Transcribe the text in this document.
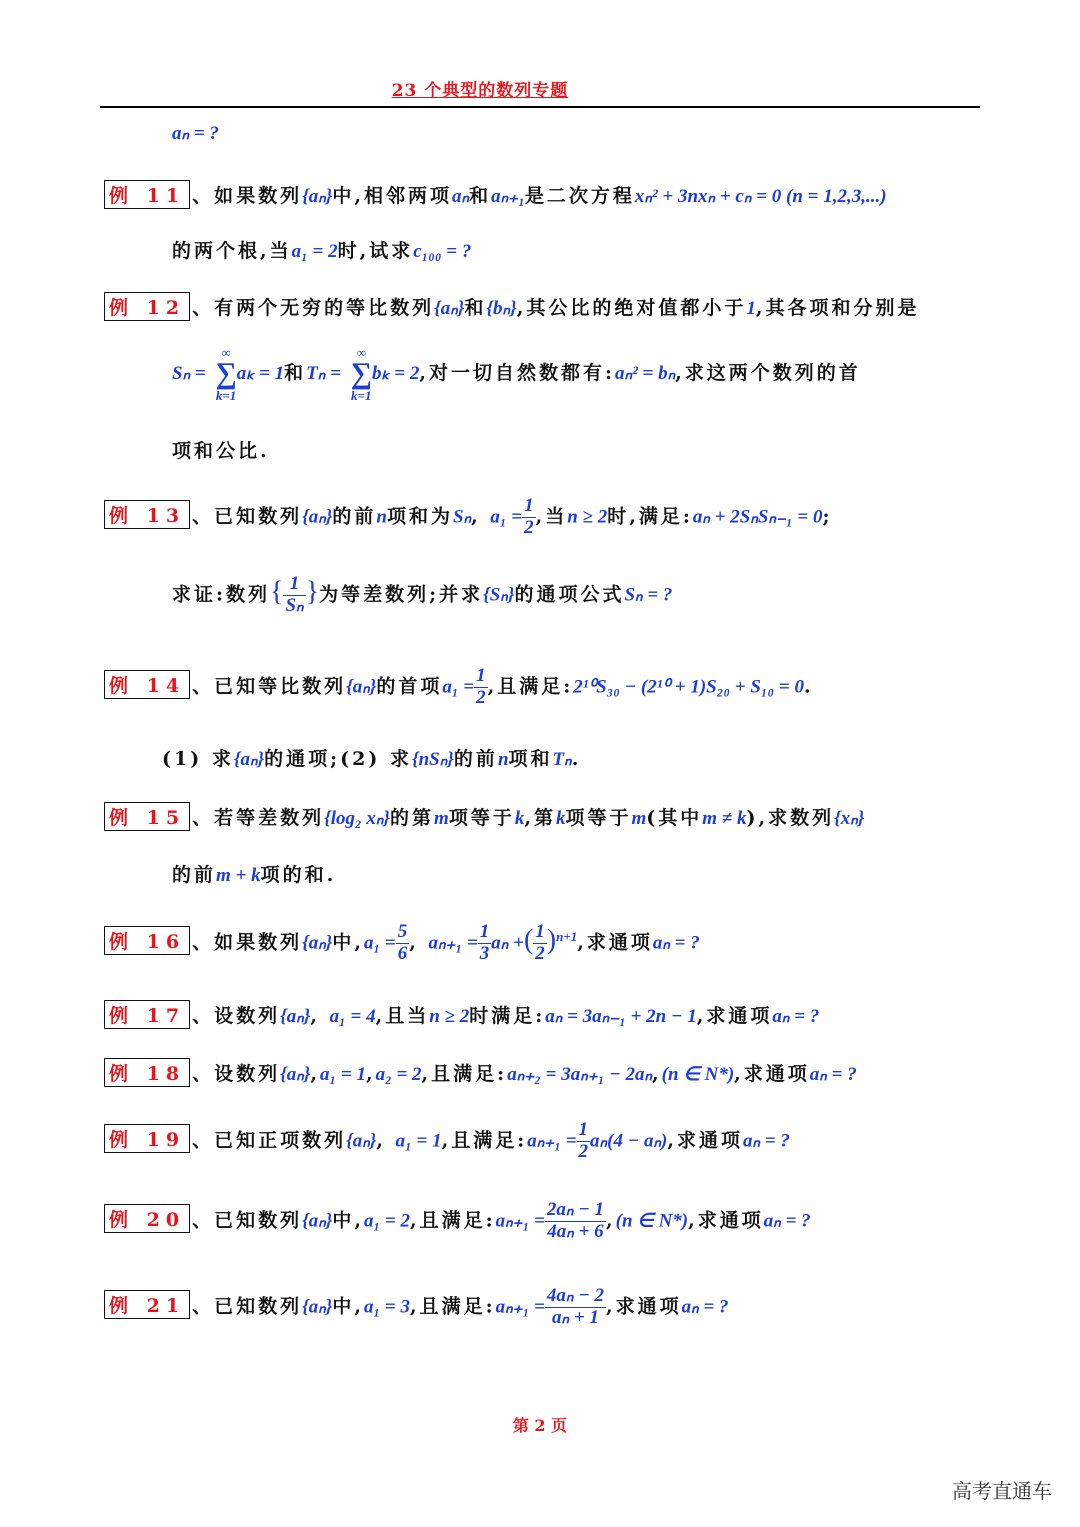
23 个典型的数列专题
aₙ = ?
例 11 、如果数列{aₙ}中,相邻两项aₙ和aₙ₊₁是二次方程xₙ² + 3nxₙ + cₙ = 0 (n = 1,2,3,...)
的两个根,当a₁ = 2时,试求c₁₀₀ = ?
例 12 、有两个无穷的等比数列{aₙ}和{bₙ},其公比的绝对值都小于1,其各项和分别是
Sₙ =
∞
∑
k=1
aₖ = 1和Tₙ =
∞
∑
k=1
bₖ = 2,对一切自然数都有:aₙ² = bₙ,求这两个数列的首
项和公比.
例 13 、已知数列{aₙ}的前n项和为Sₙ, $a_1 = \frac{1}{2}$ ,当n ≥ 2时,满足:aₙ + 2SₙSₙ₋₁ = 0;
求证:数列{ $\frac{1}{\text{Sₙ}}$ }为等差数列;并求{Sₙ}的通项公式Sₙ = ?
例 14 、已知等比数列{aₙ}的首项$a_1 = \frac{1}{2}$ ,且满足:2¹⁰S₃₀ − (2¹⁰ + 1)S₂₀ + S₁₀ = 0.
(1) 求{aₙ}的通项;(2) 求{nSₙ}的前n项和Tₙ.
例 15 、若等差数列{log₂ xₙ}的第m项等于k,第k项等于m(其中m ≠ k),求数列{xₙ}
的前m + k项的和.
例 16 、如果数列{aₙ}中$,a_1 = \frac{5}{6}$ , $a_{n+1} = \frac{1}{3}$ aₙ +( $\frac{1}{2} )^{n+1}$,求通项aₙ = ?
例 17 、设数列{aₙ}, a₁ = 4,且当n ≥ 2时满足:aₙ = 3aₙ₋₁ + 2n − 1,求通项aₙ = ?
例 18 、设数列{aₙ},a₁ = 1,a₂ = 2,且满足:aₙ₊₂ = 3aₙ₊₁ − 2aₙ,(n ∈ N*),求通项aₙ = ?
例 19 、已知正项数列{aₙ}, a₁ = 1,且满足:aₙ₊₁ = $\frac{1}{2} a_n(4 - a_n)$,求通项aₙ = ?
例 20 、已知数列{aₙ}中,a₁ = 2,且满足:aₙ₊₁ = $\frac{\text{2aₙ − 1}}{\text{4aₙ + 6}} ,(n$ ∈ N*),求通项aₙ = ?
例 21 、已知数列{aₙ}中,a₁ = 3,且满足:aₙ₊₁ = $\frac{\text{4aₙ − 2}}{\text{aₙ + 1}}$ ,求通项aₙ = ?
第 2 页
高考直通车
